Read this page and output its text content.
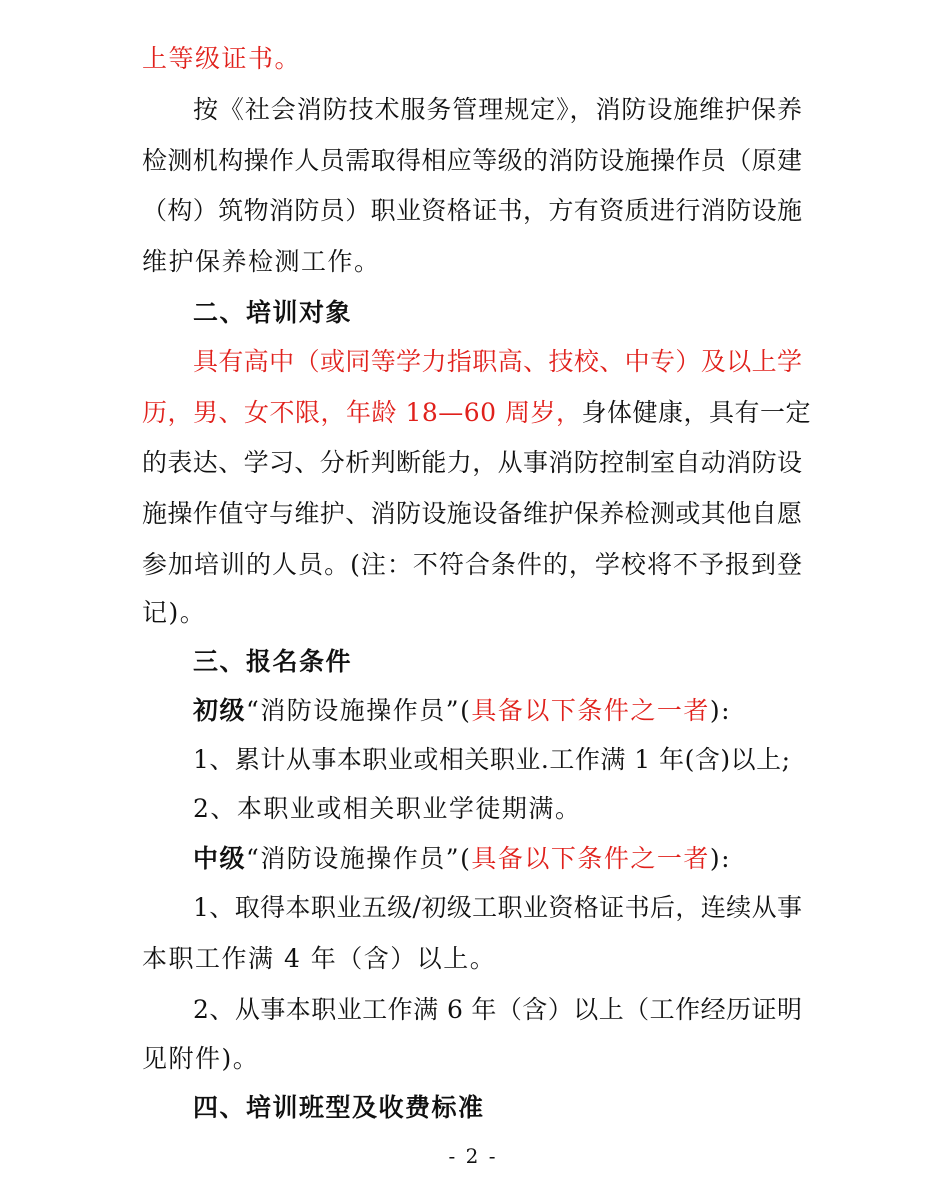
上等级证书。
按《社会消防技术服务管理规定》，消防设施维护保养
检测机构操作人员需取得相应等级的消防设施操作员（原建
（构）筑物消防员）职业资格证书，方有资质进行消防设施
维护保养检测工作。
二、培训对象
具有高中（或同等学力指职高、技校、中专）及以上学
历，男、女不限，年龄 18—60 周岁，身体健康，具有一定
的表达、学习、分析判断能力，从事消防控制室自动消防设
施操作值守与维护、消防设施设备维护保养检测或其他自愿
参加培训的人员。(注：不符合条件的，学校将不予报到登
记)。
三、报名条件
初级“消防设施操作员”(具备以下条件之一者):
1、累计从事本职业或相关职业.工作满 1 年(含)以上;
2、本职业或相关职业学徒期满。
中级“消防设施操作员”(具备以下条件之一者):
1、取得本职业五级/初级工职业资格证书后，连续从事
本职工作满 4 年（含）以上。
2、从事本职业工作满 6 年（含）以上（工作经历证明
见附件)。
四、培训班型及收费标准
- 2 -
